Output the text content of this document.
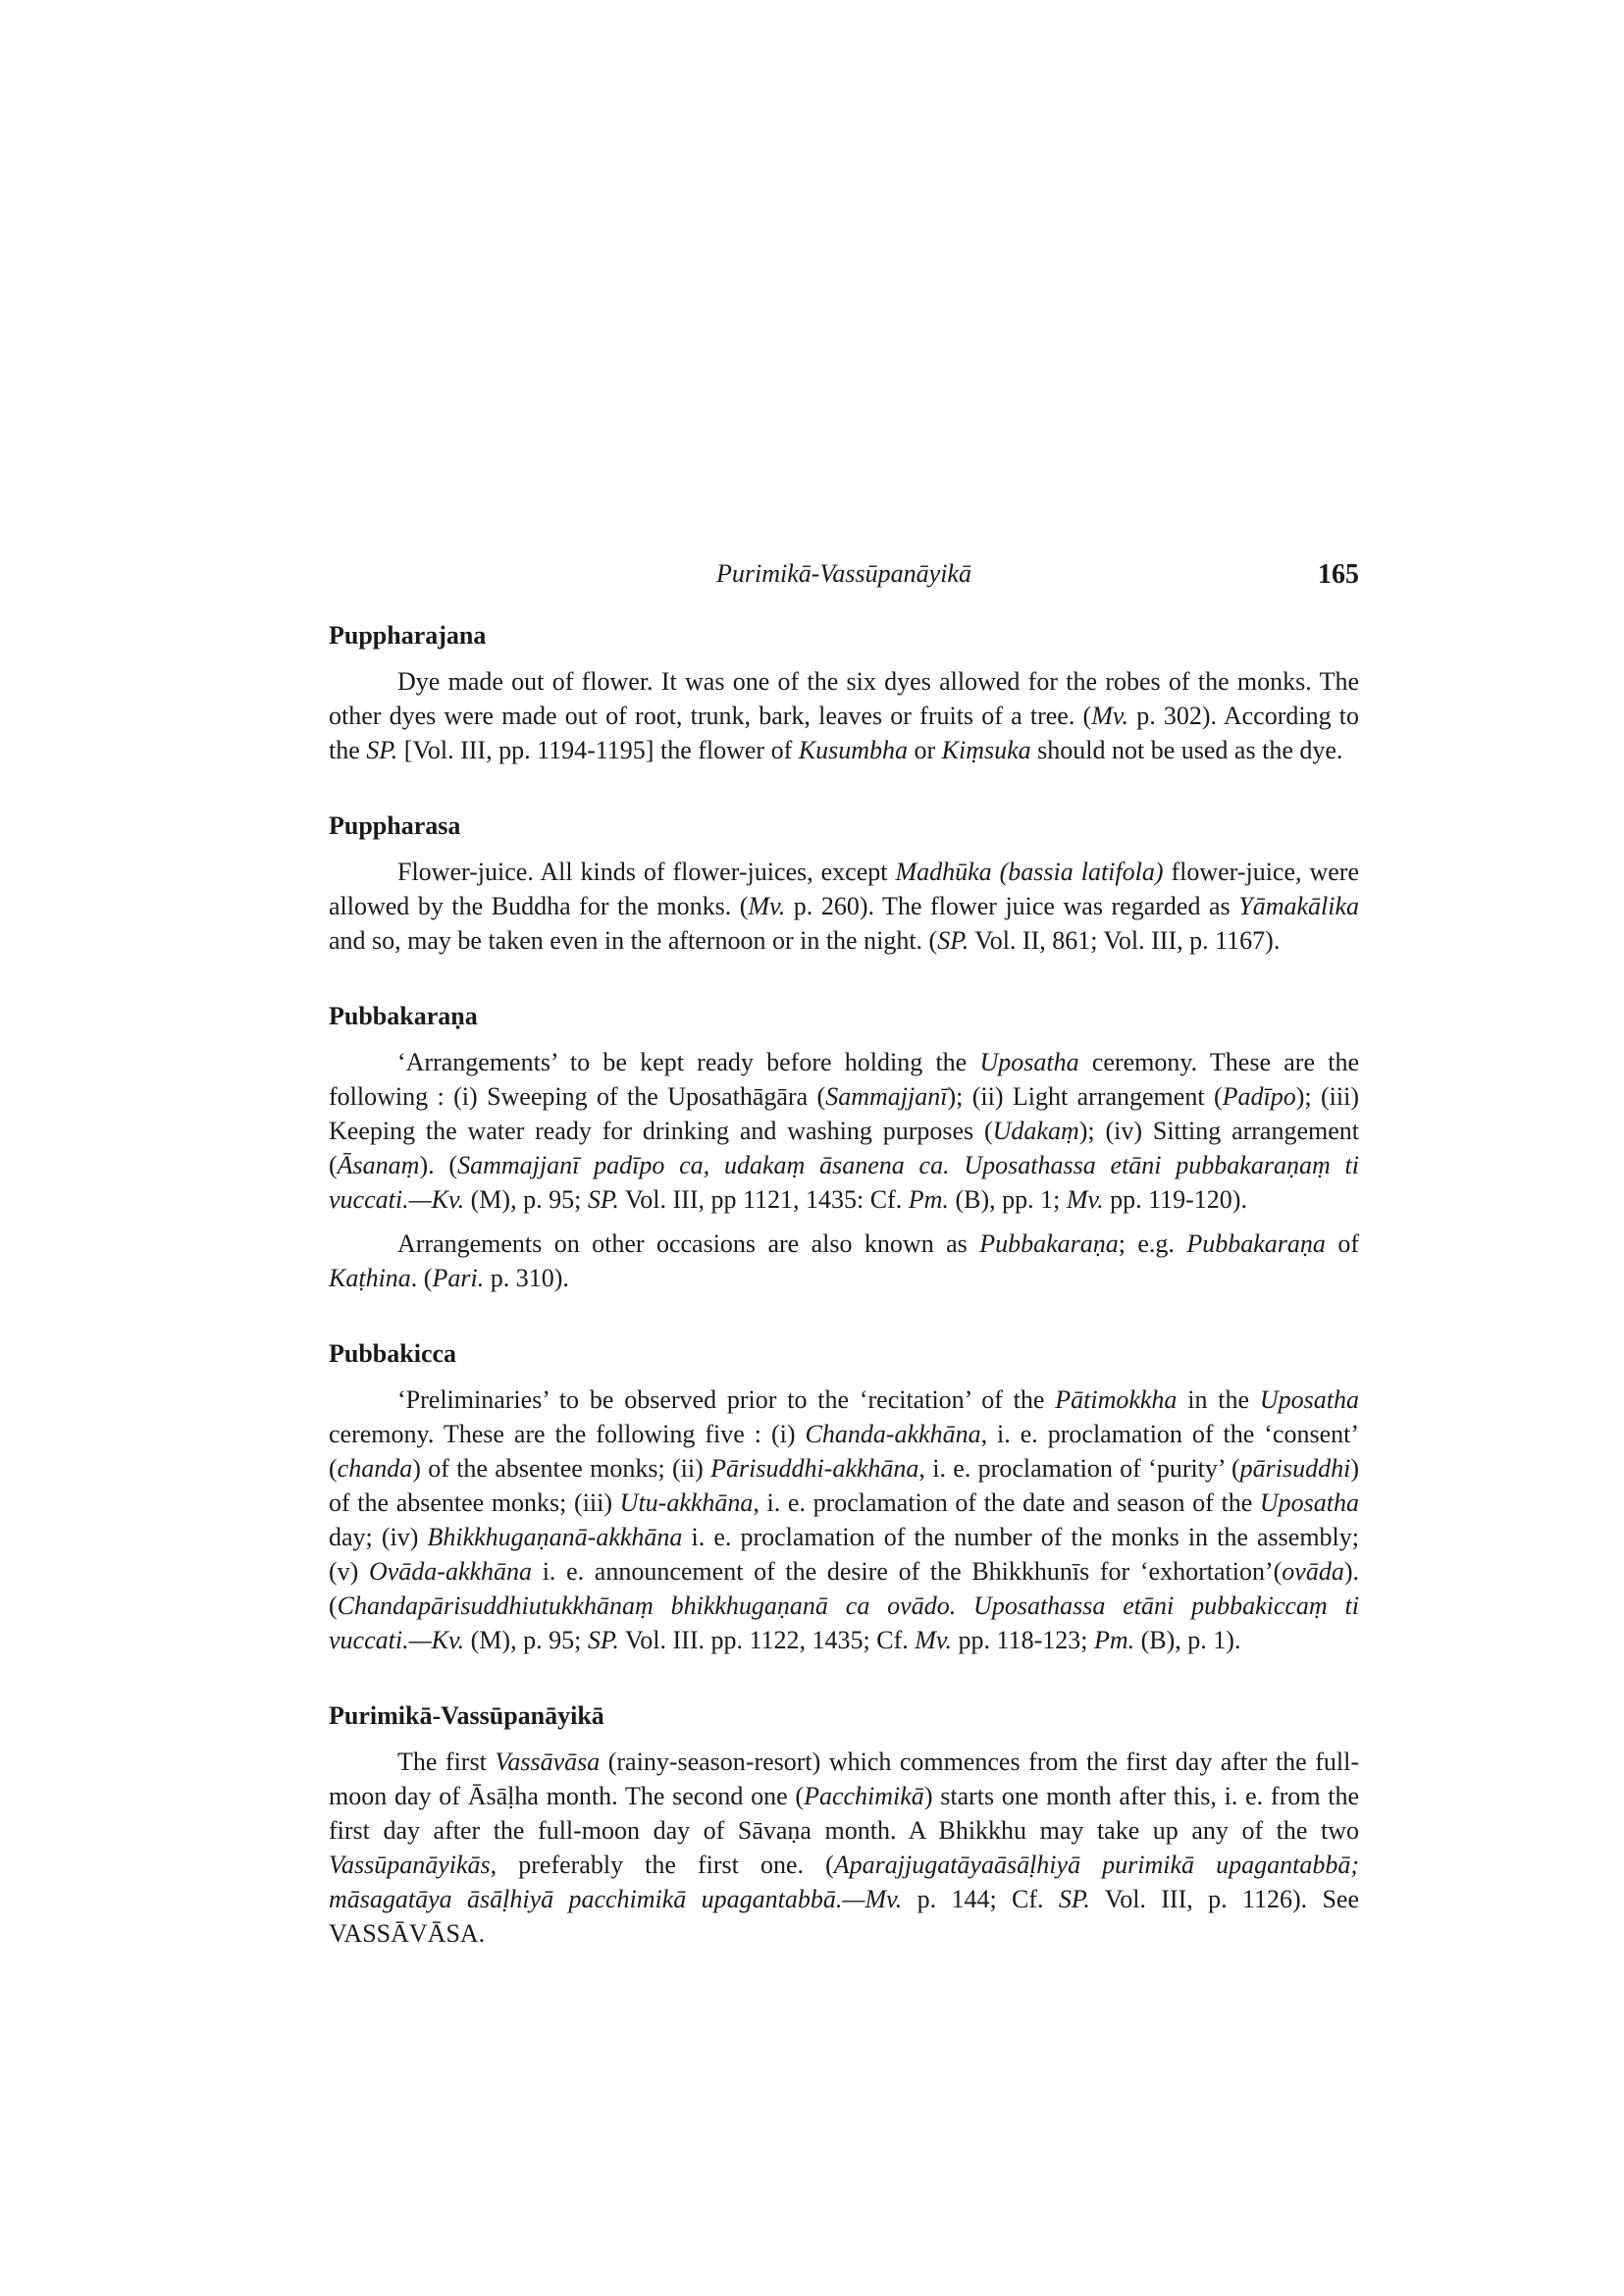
Purimikā-Vassūpanāyikā	165
Puppharajana

Dye made out of flower. It was one of the six dyes allowed for the robes of the monks. The other dyes were made out of root, trunk, bark, leaves or fruits of a tree. (Mv. p. 302). According to the SP. [Vol. III, pp. 1194-1195] the flower of Kusumbha or Kiṃsuka should not be used as the dye.

Puppharasa

Flower-juice. All kinds of flower-juices, except Madhūka (bassia latifola) flower-juice, were allowed by the Buddha for the monks. (Mv. p. 260). The flower juice was regarded as Yāmakālika and so, may be taken even in the afternoon or in the night. (SP. Vol. II, 861; Vol. III, p. 1167).

Pubbakaraṇa

‘Arrangements’ to be kept ready before holding the Uposatha ceremony. These are the following : (i) Sweeping of the Uposathāgāra (Sammajjanī); (ii) Light arrangement (Padīpo); (iii) Keeping the water ready for drinking and washing purposes (Udakaṃ); (iv) Sitting arrangement (Āsanaṃ). (Sammajjanī padīpo ca, udakaṃ āsanena ca. Uposathassa etāni pubbakaraṇaṃ ti vuccati.—Kv. (M), p. 95; SP. Vol. III, pp 1121, 1435: Cf. Pm. (B), pp. 1; Mv. pp. 119-120).

Arrangements on other occasions are also known as Pubbakaraṇa; e.g. Pubbakaraṇa of Kaṭhina. (Pari. p. 310).

Pubbakicca

‘Preliminaries’ to be observed prior to the ‘recitation’ of the Pātimokkha in the Uposatha ceremony. These are the following five : (i) Chanda-akkhāna, i. e. proclamation of the ‘consent’ (chanda) of the absentee monks; (ii) Pārisuddhi-akkhāna, i. e. proclamation of ‘purity’ (pārisuddhi) of the absentee monks; (iii) Utu-akkhāna, i. e. proclamation of the date and season of the Uposatha day; (iv) Bhikkhugaṇanā-akkhāna i. e. proclamation of the number of the monks in the assembly; (v) Ovāda-akkhāna i. e. announcement of the desire of the Bhikkhunīs for ‘exhortation’(ovāda). (Chandapārisuddhiutukkhānaṃ bhikkhugaṇanā ca ovādo. Uposathassa etāni pubbakiccaṃ ti vuccati.—Kv. (M), p. 95; SP. Vol. III. pp. 1122, 1435; Cf. Mv. pp. 118-123; Pm. (B), p. 1).

Purimikā-Vassūpanāyikā

The first Vassāvāsa (rainy-season-resort) which commences from the first day after the full-moon day of Āsāḷha month. The second one (Pacchimikā) starts one month after this, i. e. from the first day after the full-moon day of Sāvaṇa month. A Bhikkhu may take up any of the two Vassūpanāyikās, preferably the first one. (Aparajjugatāyaāsāḷhiyā purimikā upagantabbā; māsagatāya āsāḷhiyā pacchimikā upagantabbā.—Mv. p. 144; Cf. SP. Vol. III, p. 1126). See VASSĀVĀSA.
